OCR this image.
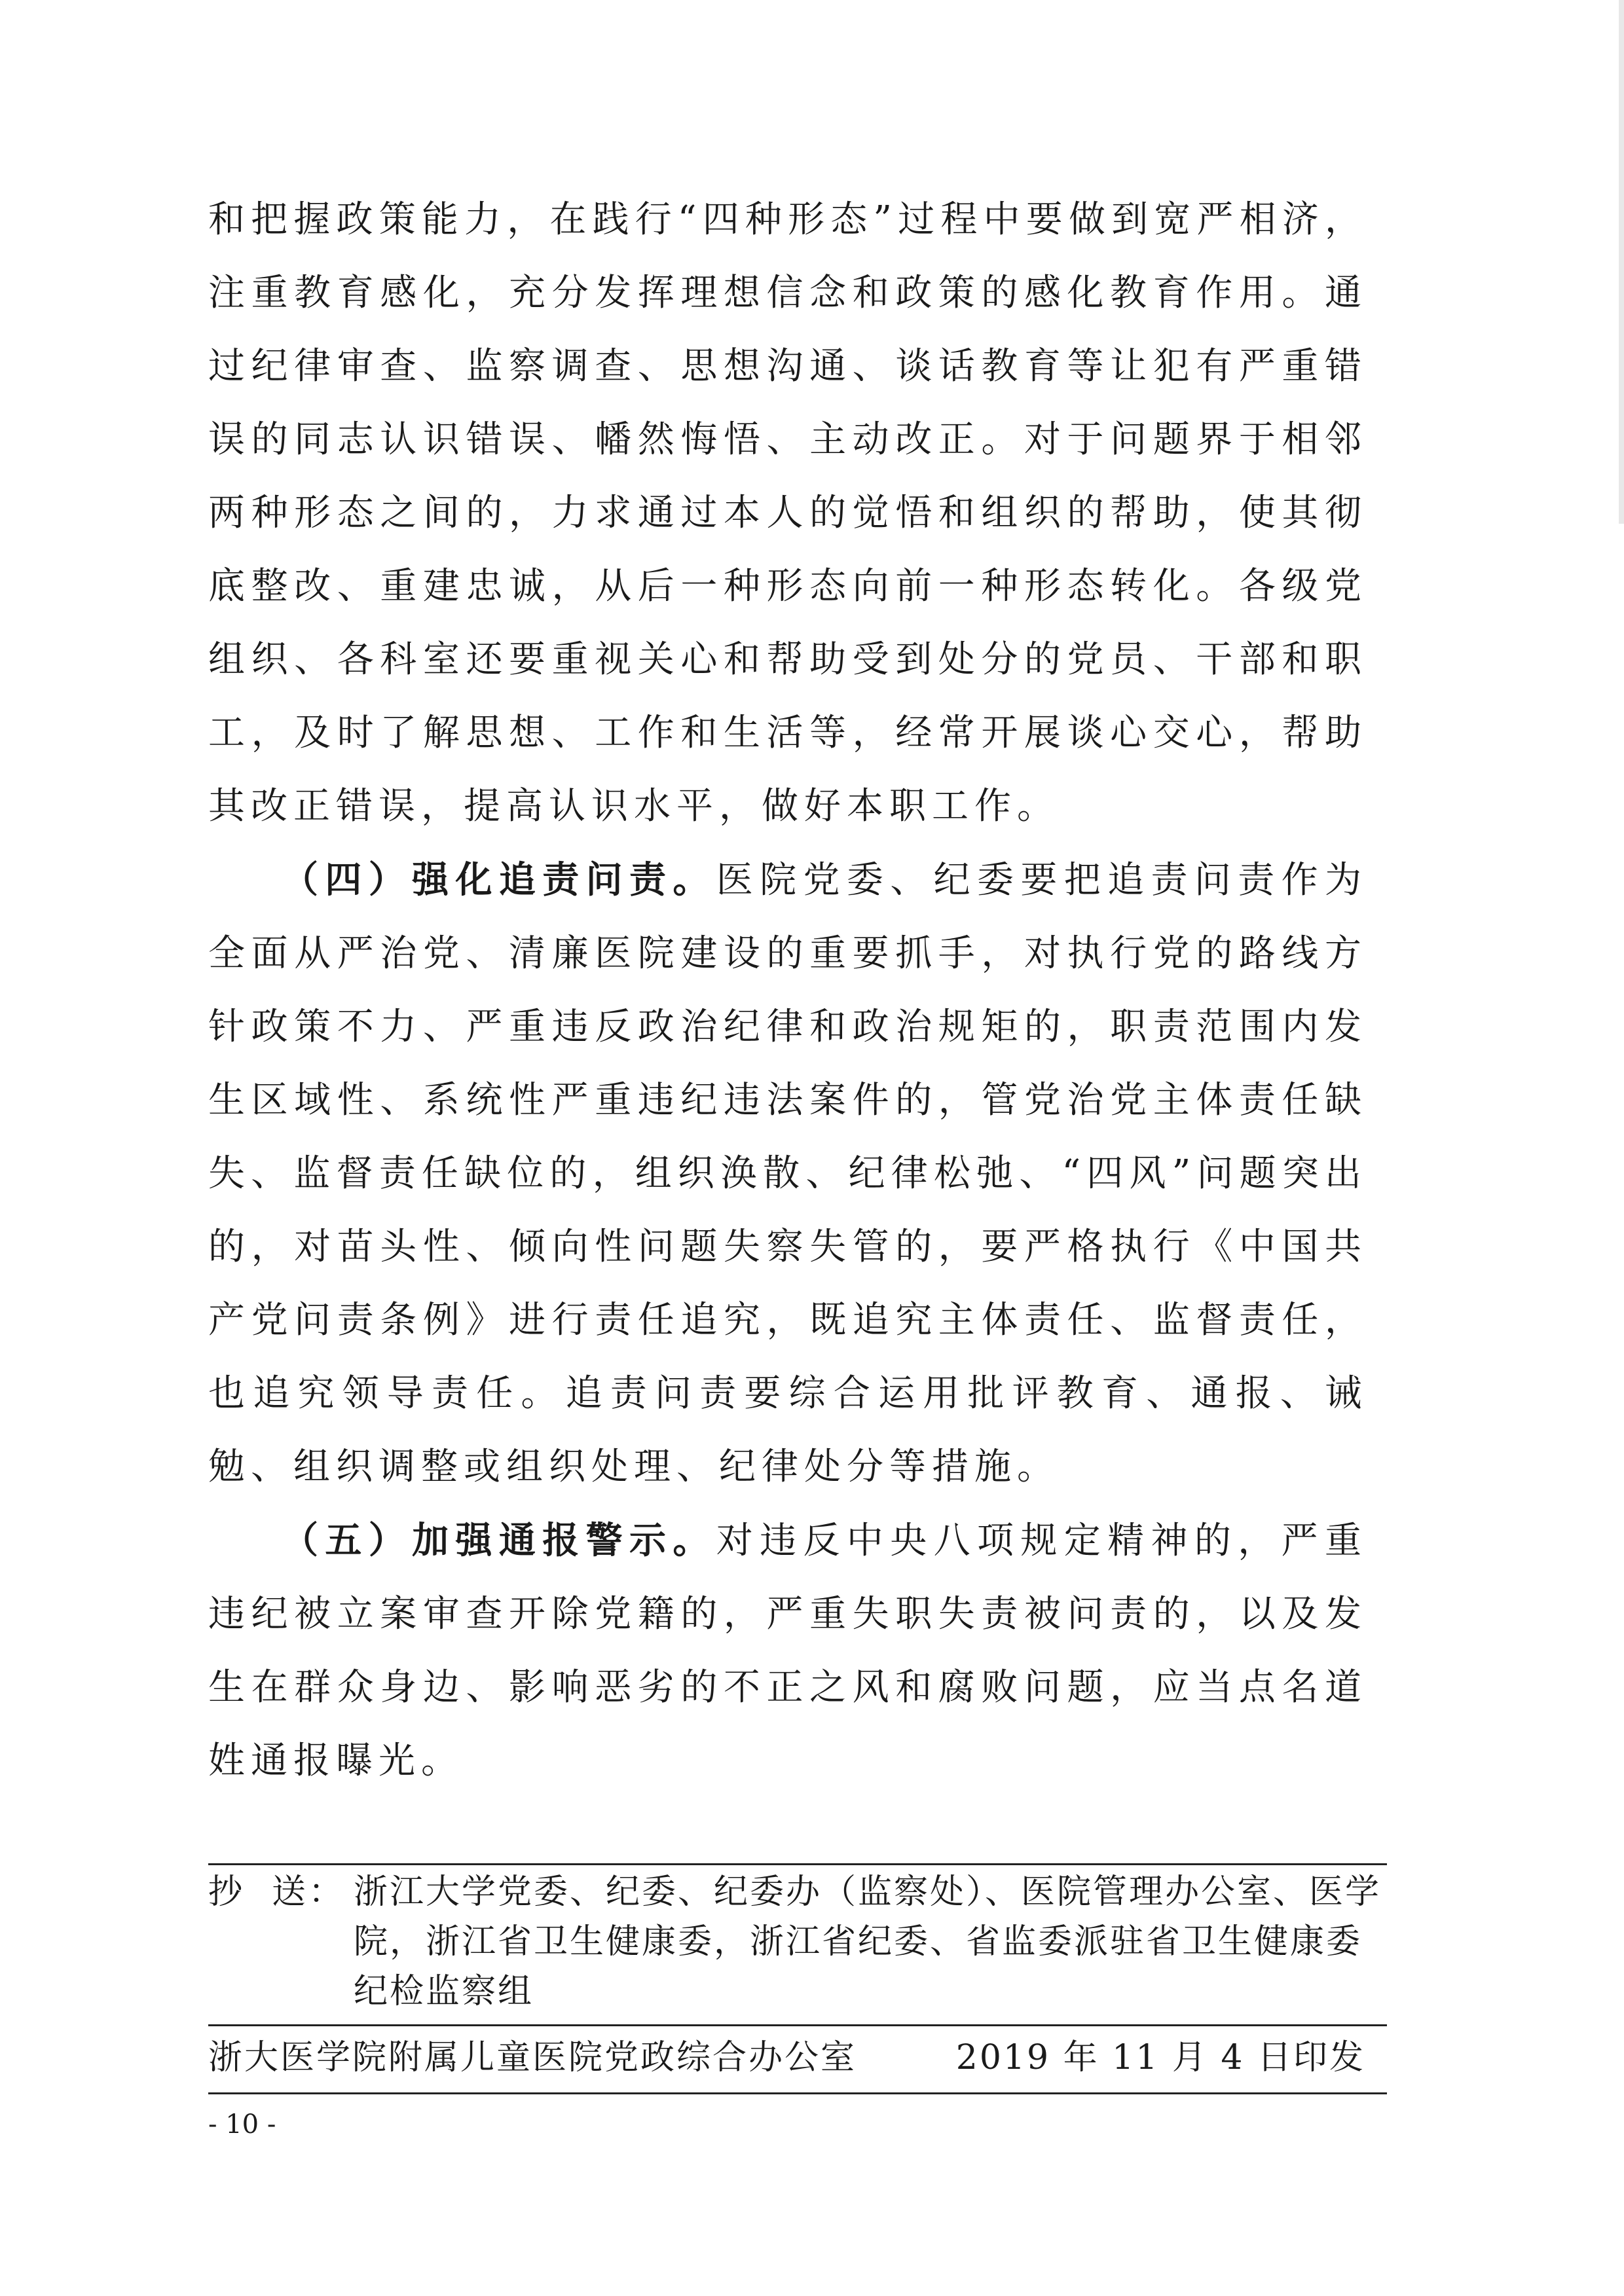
和把握政策能力，在践行“四种形态”过程中要做到宽严相济，注重教育感化，充分发挥理想信念和政策的感化教育作用。通过纪律审查、监察调查、思想沟通、谈话教育等让犯有严重错误的同志认识错误、幡然悔悟、主动改正。对于问题界于相邻两种形态之间的，力求通过本人的觉悟和组织的帮助，使其彻底整改、重建忠诚，从后一种形态向前一种形态转化。各级党组织、各科室还要重视关心和帮助受到处分的党员、干部和职工，及时了解思想、工作和生活等，经常开展谈心交心，帮助其改正错误，提高认识水平，做好本职工作。

（四）强化追责问责。医院党委、纪委要把追责问责作为全面从严治党、清廉医院建设的重要抓手，对执行党的路线方针政策不力、严重违反政治纪律和政治规矩的，职责范围内发生区域性、系统性严重违纪违法案件的，管党治党主体责任缺失、监督责任缺位的，组织涣散、纪律松弛、“四风”问题突出的，对苗头性、倾向性问题失察失管的，要严格执行《中国共产党问责条例》进行责任追究，既追究主体责任、监督责任，也追究领导责任。追责问责要综合运用批评教育、通报、诫勉、组织调整或组织处理、纪律处分等措施。

（五）加强通报警示。对违反中央八项规定精神的，严重违纪被立案审查开除党籍的，严重失职失责被问责的，以及发生在群众身边、影响恶劣的不正之风和腐败问题，应当点名道姓通报曝光。

抄  送： 浙江大学党委、纪委、纪委办（监察处）、医院管理办公室、医学院，浙江省卫生健康委，浙江省纪委、省监委派驻省卫生健康委纪检监察组
浙大医学院附属儿童医院党政综合办公室	2019 年 11 月 4 日印发
- 10 -
